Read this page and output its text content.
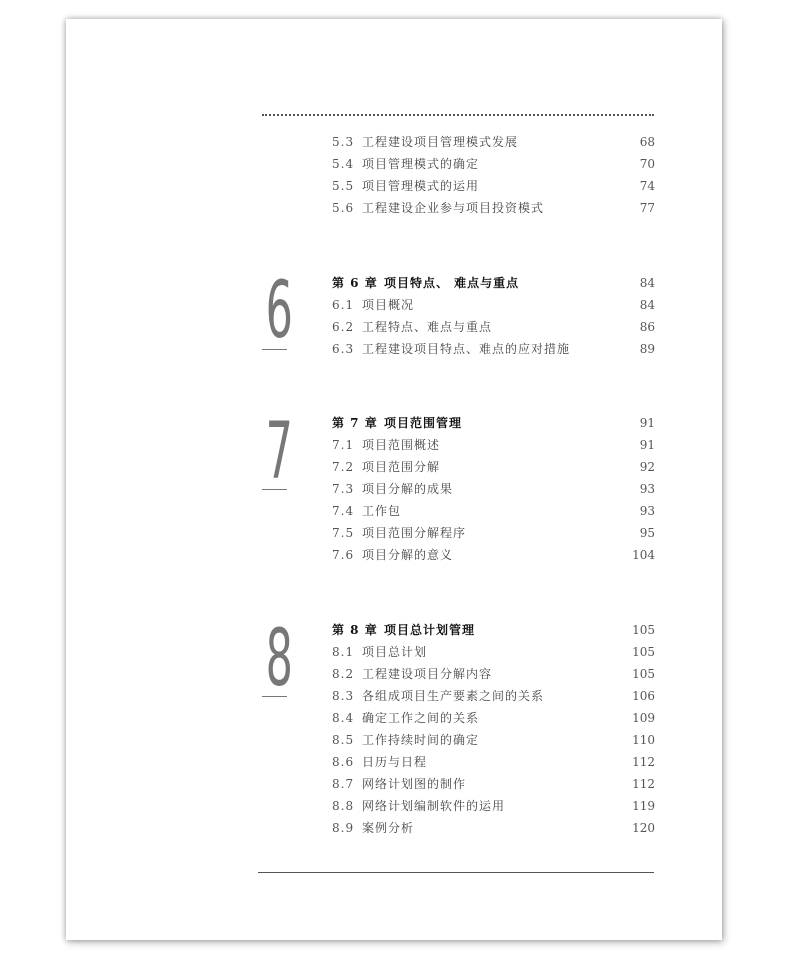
5.3 工程建设项目管理模式发展	68
5.4 项目管理模式的确定	70
5.5 项目管理模式的运用	74
5.6 工程建设企业参与项目投资模式	77
6	第 6 章 项目特点、 难点与重点	84
6.1 项目概况	84
6.2 工程特点、难点与重点	86
6.3 工程建设项目特点、难点的应对措施	89
7	第 7 章 项目范围管理	91
7.1 项目范围概述	91
7.2 项目范围分解	92
7.3 项目分解的成果	93
7.4 工作包	93
7.5 项目范围分解程序	95
7.6 项目分解的意义	104
8	第 8 章 项目总计划管理	105
8.1 项目总计划	105
8.2 工程建设项目分解内容	105
8.3 各组成项目生产要素之间的关系	106
8.4 确定工作之间的关系	109
8.5 工作持续时间的确定	110
8.6 日历与日程	112
8.7 网络计划图的制作	112
8.8 网络计划编制软件的运用	119
8.9 案例分析	120
